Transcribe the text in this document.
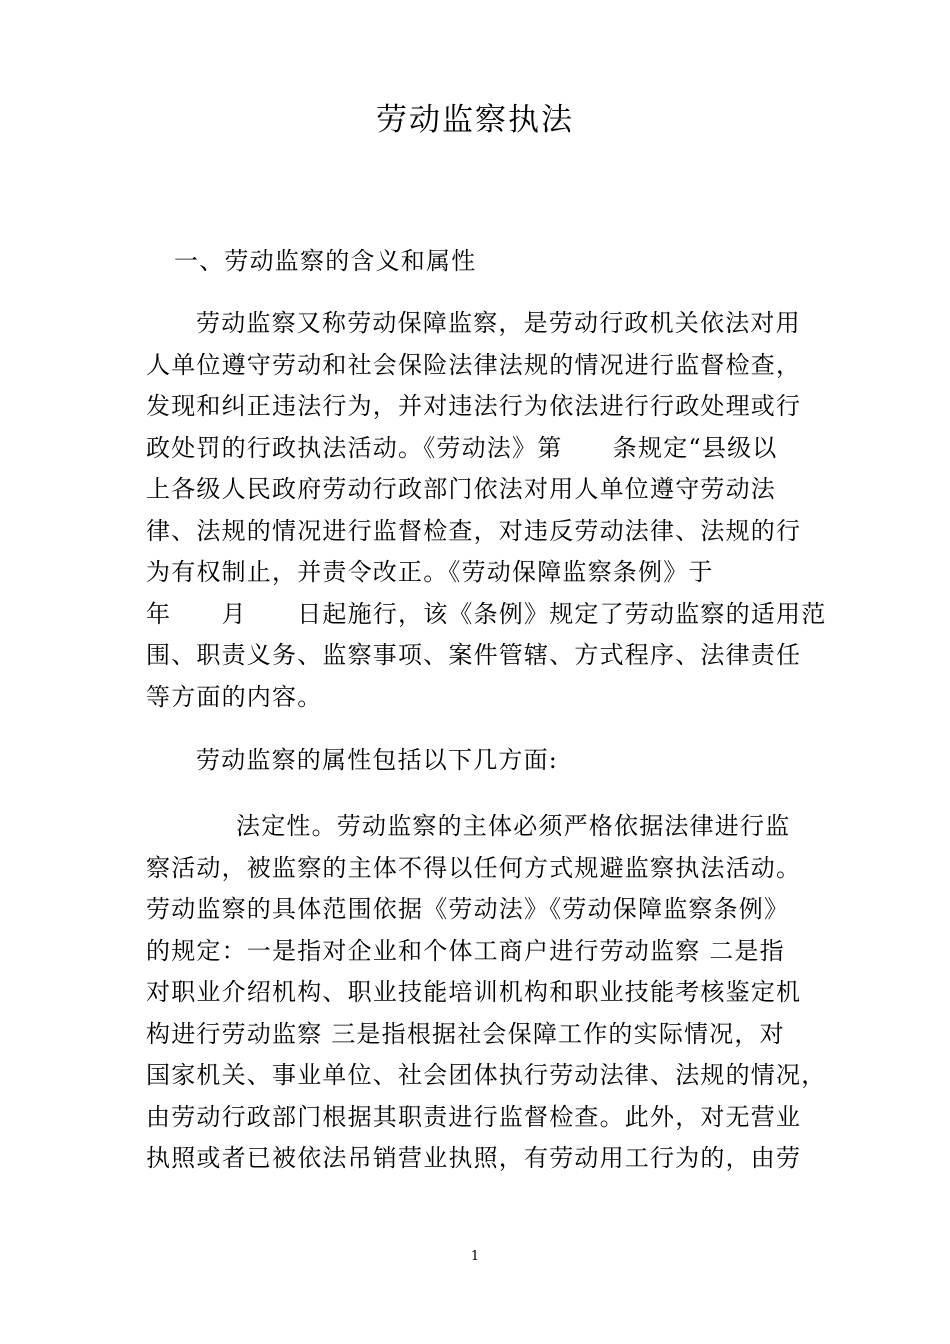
劳动监察执法
一、劳动监察的含义和属性
劳动监察又称劳动保障监察，是劳动行政机关依法对用
人单位遵守劳动和社会保险法律法规的情况进行监督检查，
发现和纠正违法行为，并对违法行为依法进行行政处理或行
政处罚的行政执法活动。《劳动法》第　　条规定“县级以
上各级人民政府劳动行政部门依法对用人单位遵守劳动法
律、法规的情况进行监督检查，对违反劳动法律、法规的行
为有权制止，并责令改正。《劳动保障监察条例》于
年　　月　　日起施行，该《条例》规定了劳动监察的适用范
围、职责义务、监察事项、案件管辖、方式程序、法律责任
等方面的内容。
劳动监察的属性包括以下几方面:
法定性。劳动监察的主体必须严格依据法律进行监
察活动，被监察的主体不得以任何方式规避监察执法活动。
劳动监察的具体范围依据《劳动法》《劳动保障监察条例》
的规定：一是指对企业和个体工商户进行劳动监察 二是指
对职业介绍机构、职业技能培训机构和职业技能考核鉴定机
构进行劳动监察 三是指根据社会保障工作的实际情况，对
国家机关、事业单位、社会团体执行劳动法律、法规的情况，
由劳动行政部门根据其职责进行监督检查。此外，对无营业
执照或者已被依法吊销营业执照，有劳动用工行为的，由劳
1
